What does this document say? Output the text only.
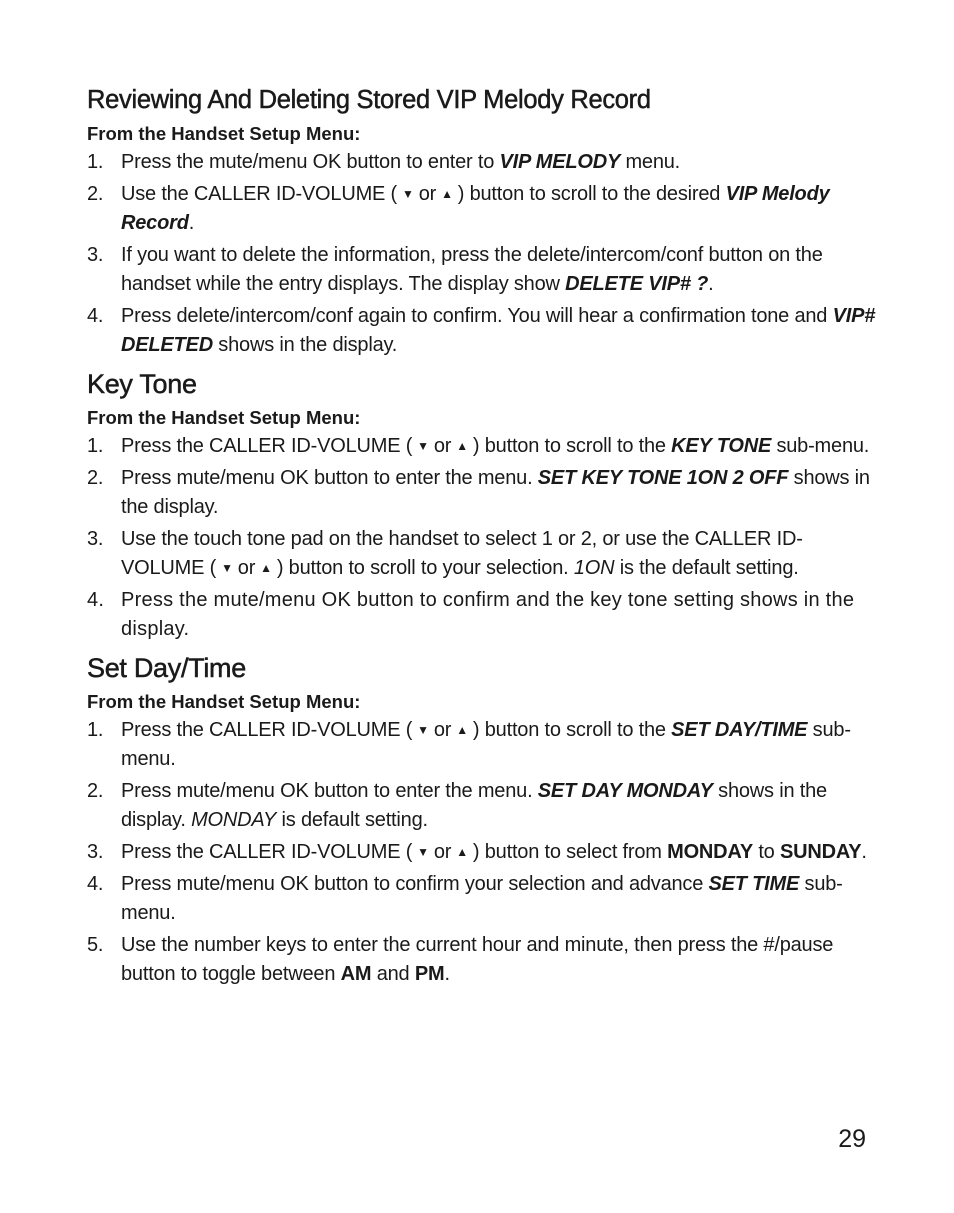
Reviewing And Deleting Stored VIP Melody Record
From the Handset Setup Menu:
1. Press the mute/menu OK button to enter to VIP MELODY menu.
2. Use the CALLER ID-VOLUME ( ▼ or ▲ ) button to scroll to the desired VIP Melody Record.
3. If you want to delete the information, press the delete/intercom/conf button on the handset while the entry displays. The display show DELETE VIP# ?.
4. Press delete/intercom/conf again to confirm. You will hear a confirmation tone and VIP# DELETED shows in the display.
Key Tone
From the Handset Setup Menu:
1. Press the CALLER ID-VOLUME ( ▼ or ▲ ) button to scroll to the KEY TONE sub-menu.
2. Press mute/menu OK button to enter the menu. SET KEY TONE 1ON 2 OFF shows in the display.
3. Use the touch tone pad on the handset to select 1 or 2, or use the CALLER ID-VOLUME ( ▼ or ▲ ) button to scroll to your selection. 1ON is the default setting.
4. Press the mute/menu OK button to confirm and the key tone setting shows in the display.
Set Day/Time
From the Handset Setup Menu:
1. Press the CALLER ID-VOLUME ( ▼ or ▲ ) button to scroll to the SET DAY/TIME sub-menu.
2. Press mute/menu OK button to enter the menu. SET DAY MONDAY shows in the display. MONDAY is default setting.
3. Press the CALLER ID-VOLUME ( ▼ or ▲ ) button to select from MONDAY to SUNDAY.
4. Press mute/menu OK button to confirm your selection and advance SET TIME sub-menu.
5. Use the number keys to enter the current hour and minute, then press the #/pause button to toggle between AM and PM.
29
